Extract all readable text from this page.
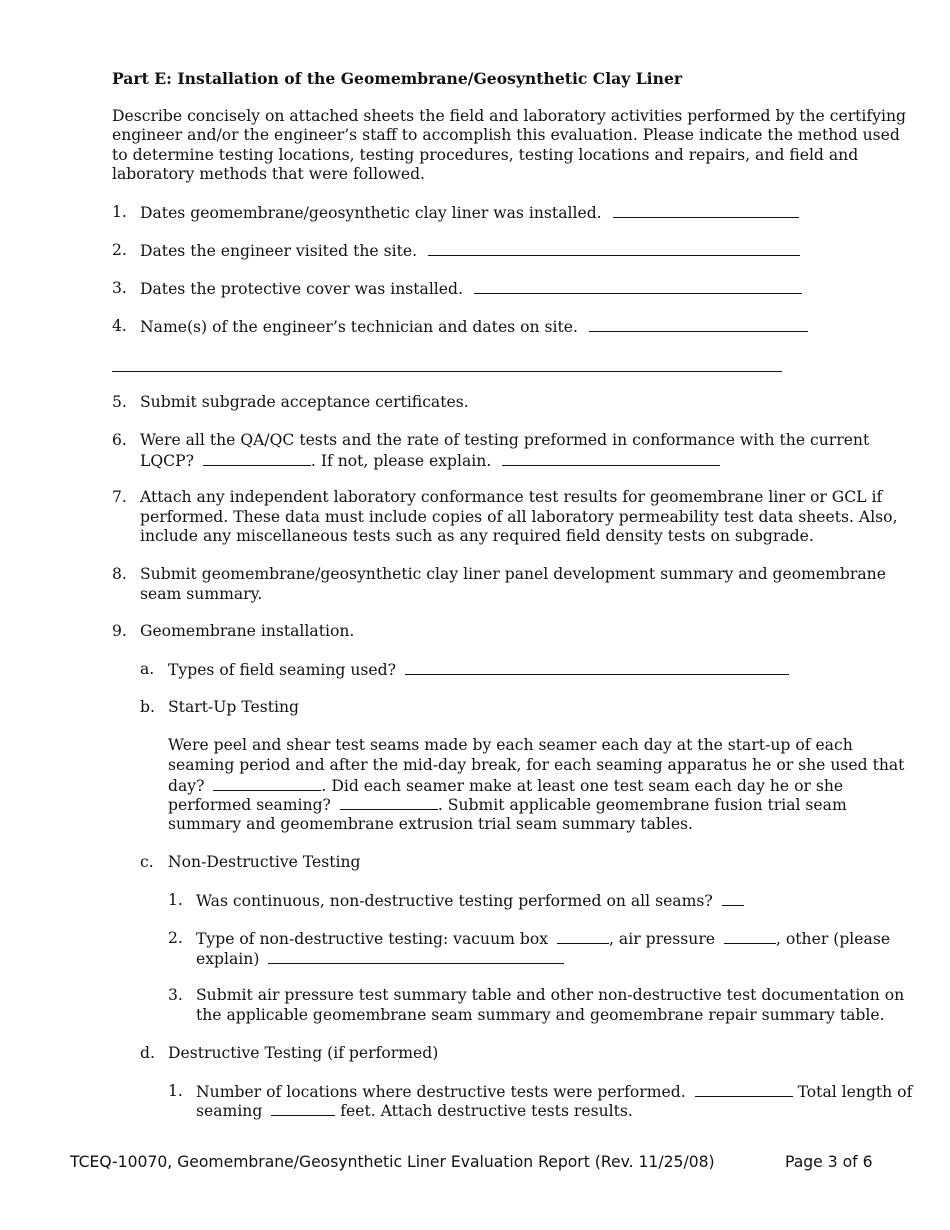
Part E: Installation of the Geomembrane/Geosynthetic Clay Liner
Describe concisely on attached sheets the field and laboratory activities performed by the certifying
engineer and/or the engineer’s staff to accomplish this evaluation. Please indicate the method used
to determine testing locations, testing procedures, testing locations and repairs, and field and
laboratory methods that were followed.
1. Dates geomembrane/geosynthetic clay liner was installed.
2. Dates the engineer visited the site.
3. Dates the protective cover was installed.
4. Name(s) of the engineer’s technician and dates on site.
5. Submit subgrade acceptance certificates.
6. Were all the QA/QC tests and the rate of testing preformed in conformance with the current
LQCP?	. If not, please explain.
7. Attach any independent laboratory conformance test results for geomembrane liner or GCL if
performed. These data must include copies of all laboratory permeability test data sheets. Also,
include any miscellaneous tests such as any required field density tests on subgrade.
8. Submit geomembrane/geosynthetic clay liner panel development summary and geomembrane
seam summary.
9. Geomembrane installation.
a. Types of field seaming used?
b. Start-Up Testing
Were peel and shear test seams made by each seamer each day at the start-up of each
seaming period and after the mid-day break, for each seaming apparatus he or she used that
day?	. Did each seamer make at least one test seam each day he or she
performed seaming?	. Submit applicable geomembrane fusion trial seam
summary and geomembrane extrusion trial seam summary tables.
c. Non-Destructive Testing
1. Was continuous, non-destructive testing performed on all seams?
2. Type of non-destructive testing: vacuum box	, air pressure	, other (please
explain)
3. Submit air pressure test summary table and other non-destructive test documentation on
the applicable geomembrane seam summary and geomembrane repair summary table.
d. Destructive Testing (if performed)
1. Number of locations where destructive tests were performed.	Total length of
seaming	feet. Attach destructive tests results.
TCEQ-10070, Geomembrane/Geosynthetic Liner Evaluation Report (Rev. 11/25/08)	Page 3 of 6
